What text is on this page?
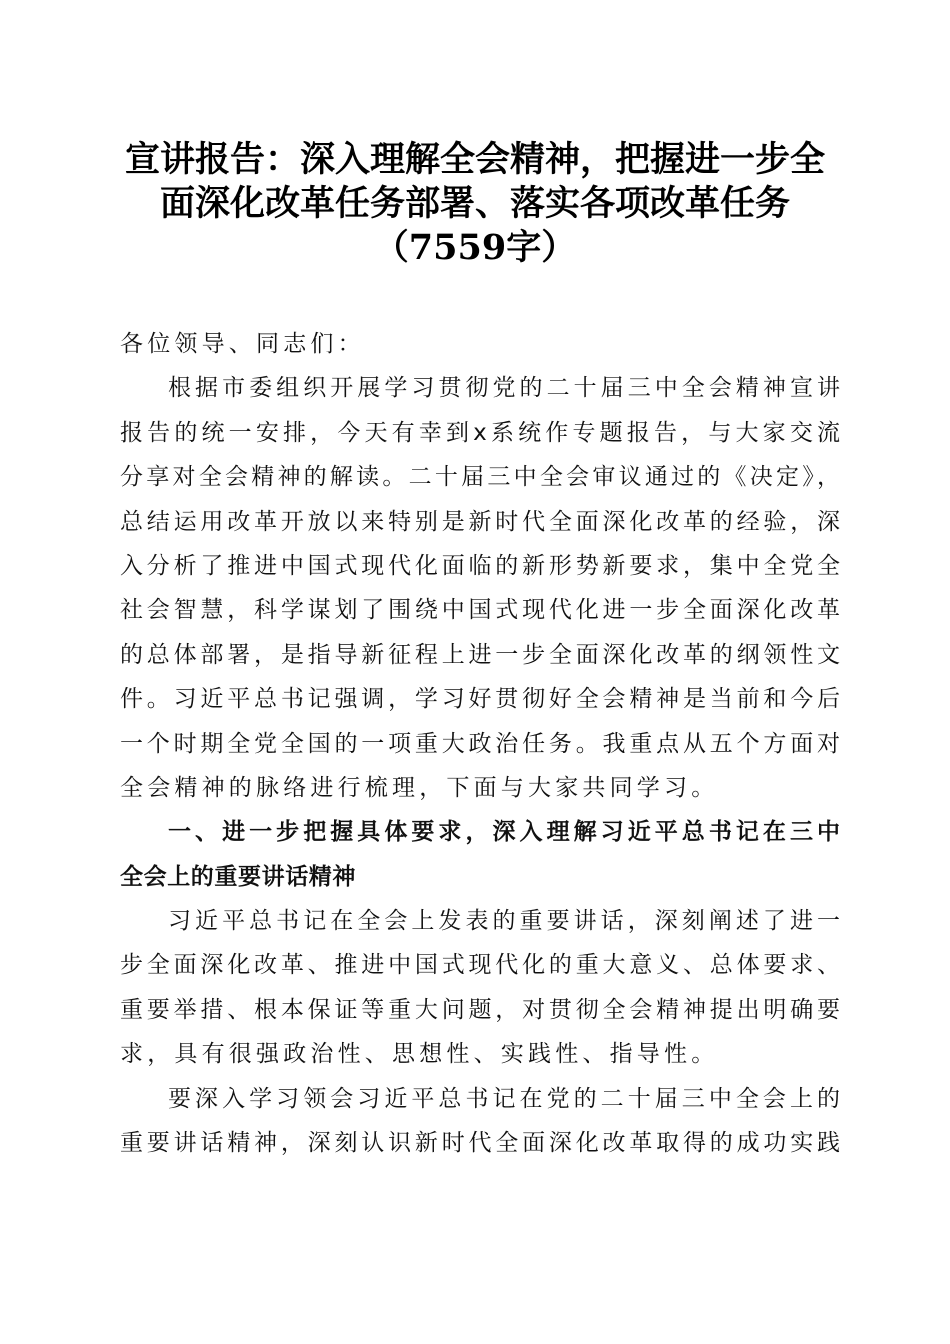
宣讲报告：深入理解全会精神，把握进一步全
面深化改革任务部署、落实各项改革任务
（7559字）
各位领导、同志们：
根据市委组织开展学习贯彻党的二十届三中全会精神宣讲
报告的统一安排，今天有幸到x系统作专题报告，与大家交流
分享对全会精神的解读。二十届三中全会审议通过的《决定》，
总结运用改革开放以来特别是新时代全面深化改革的经验，深
入分析了推进中国式现代化面临的新形势新要求，集中全党全
社会智慧，科学谋划了围绕中国式现代化进一步全面深化改革
的总体部署，是指导新征程上进一步全面深化改革的纲领性文
件。习近平总书记强调，学习好贯彻好全会精神是当前和今后
一个时期全党全国的一项重大政治任务。我重点从五个方面对
全会精神的脉络进行梳理，下面与大家共同学习。
一、进一步把握具体要求，深入理解习近平总书记在三中
全会上的重要讲话精神
习近平总书记在全会上发表的重要讲话，深刻阐述了进一
步全面深化改革、推进中国式现代化的重大意义、总体要求、
重要举措、根本保证等重大问题，对贯彻全会精神提出明确要
求，具有很强政治性、思想性、实践性、指导性。
要深入学习领会习近平总书记在党的二十届三中全会上的
重要讲话精神，深刻认识新时代全面深化改革取得的成功实践
